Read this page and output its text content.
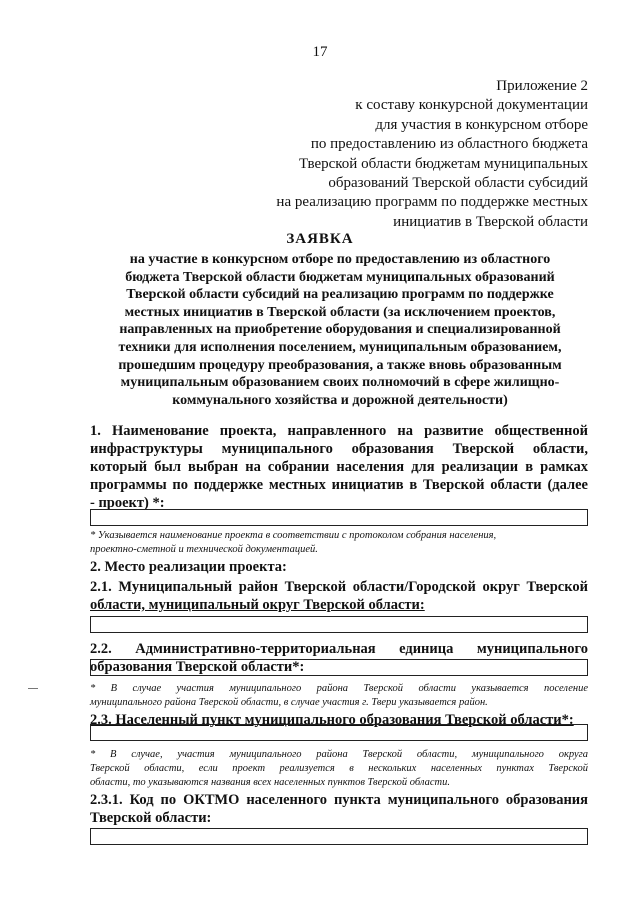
17
Приложение 2
к составу конкурсной документации
для участия в конкурсном отборе
по предоставлению из областного бюджета
Тверской области бюджетам муниципальных
образований Тверской области субсидий
на реализацию программ по поддержке местных
инициатив в Тверской области
ЗАЯВКА
на участие в конкурсном отборе по предоставлению из областного
бюджета Тверской области бюджетам муниципальных образований
Тверской области субсидий на реализацию программ по поддержке
местных инициатив в Тверской области (за исключением проектов,
направленных на приобретение оборудования и специализированной
техники для исполнения поселением, муниципальным образованием,
прошедшим процедуру преобразования, а также вновь образованным
муниципальным образованием своих полномочий в сфере жилищно-
коммунального хозяйства и дорожной деятельности)
1. Наименование проекта, направленного на развитие общественной
инфраструктуры муниципального образования Тверской области,
который был выбран на собрании населения для реализации в рамках
программы по поддержке местных инициатив в Тверской области (далее
- проект) *:
* Указывается наименование проекта в соответствии с протоколом собрания населения,
проектно-сметной и технической документацией.
2. Место реализации проекта:
2.1. Муниципальный район Тверской области/Городской округ Тверской
области, муниципальный округ Тверской области:
2.2. Административно-территориальная единица муниципального
образования Тверской области*:
* В случае участия муниципального района Тверской области указывается поселение
муниципального района Тверской области, в случае участия г. Твери указывается район.
2.3. Населенный пункт муниципального образования Тверской области*:
* В случае, участия муниципального района Тверской области, муниципального округа
Тверской области, если проект реализуется в нескольких населенных пунктах Тверской
области, то указываются названия всех населенных пунктов Тверской области.
2.3.1. Код по ОКТМО населенного пункта муниципального образования
Тверской области:
